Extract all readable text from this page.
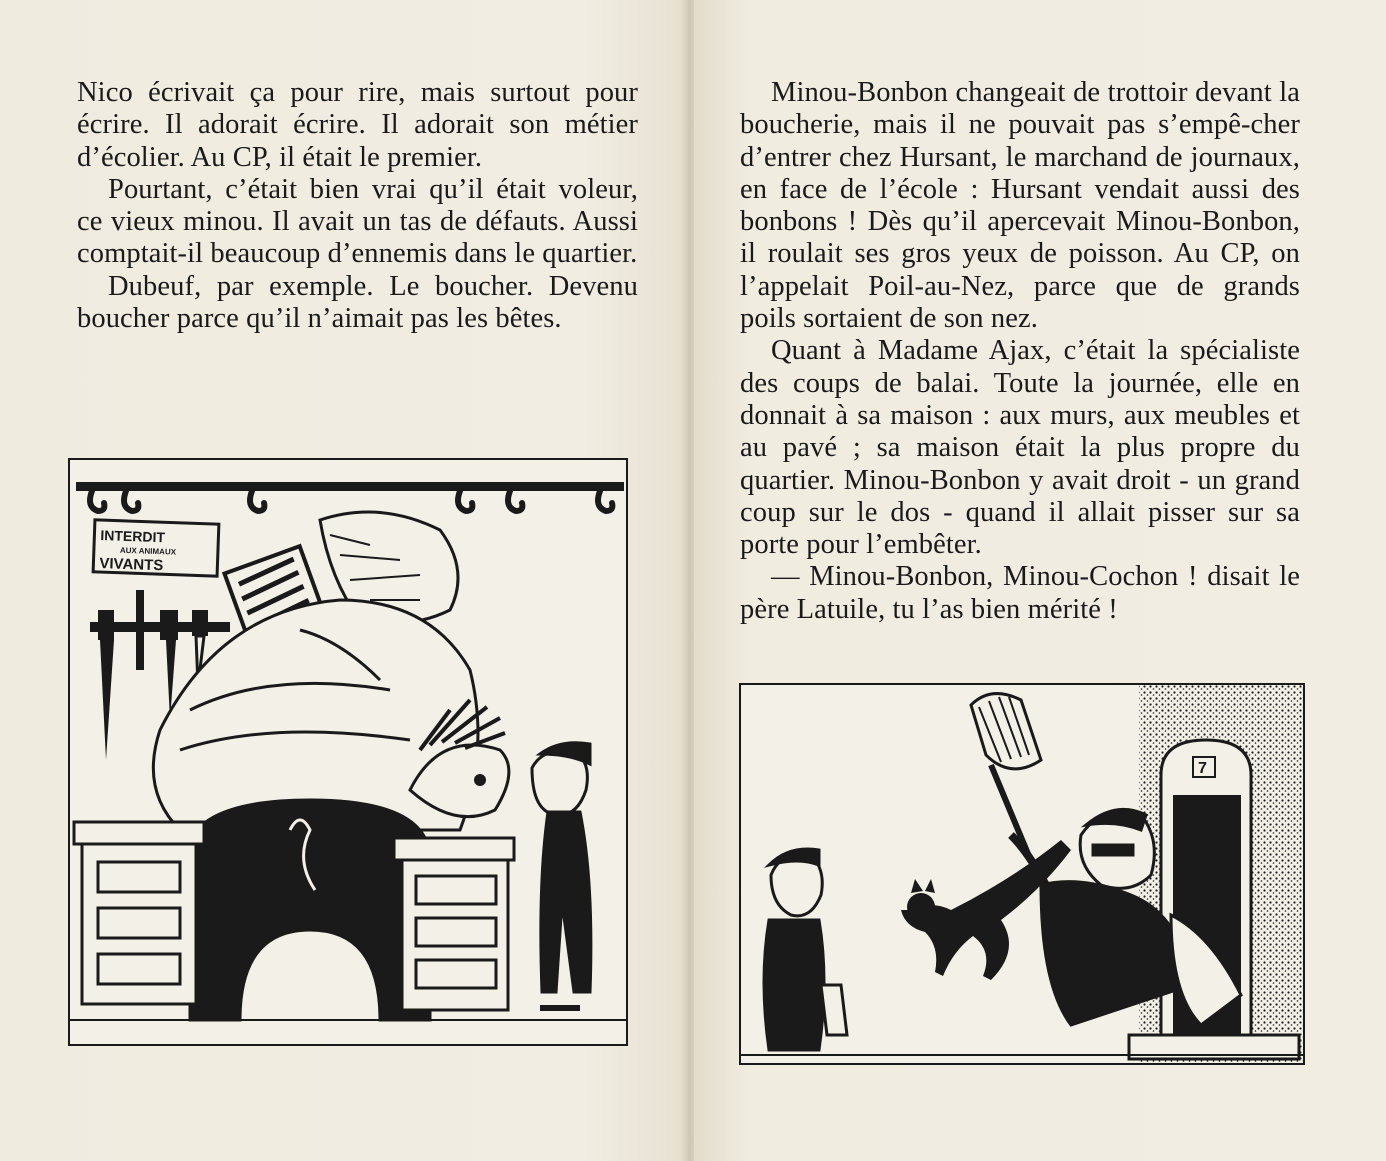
Nico écrivait ça pour rire, mais surtout pour écrire. Il adorait écrire. Il adorait son métier d’écolier. Au CP, il était le premier.

Pourtant, c’était bien vrai qu’il était voleur, ce vieux minou. Il avait un tas de défauts. Aussi comptait-il beaucoup d’ennemis dans le quartier.

Dubeuf, par exemple. Le boucher. Devenu boucher parce qu’il n’aimait pas les bêtes.

INTERDIT
AUX ANIMAUX
VIVANTS

Minou-Bonbon changeait de trottoir devant la boucherie, mais il ne pouvait pas s’empê-cher d’entrer chez Hursant, le marchand de journaux, en face de l’école : Hursant vendait aussi des bonbons ! Dès qu’il apercevait Minou-Bonbon, il roulait ses gros yeux de poisson. Au CP, on l’appelait Poil-au-Nez, parce que de grands poils sortaient de son nez.

Quant à Madame Ajax, c’était la spécialiste des coups de balai. Toute la journée, elle en donnait à sa maison : aux murs, aux meubles et au pavé ; sa maison était la plus propre du quartier. Minou-Bonbon y avait droit - un grand coup sur le dos - quand il allait pisser sur sa porte pour l’embêter.

— Minou-Bonbon, Minou-Cochon ! disait le père Latuile, tu l’as bien mérité !

7
